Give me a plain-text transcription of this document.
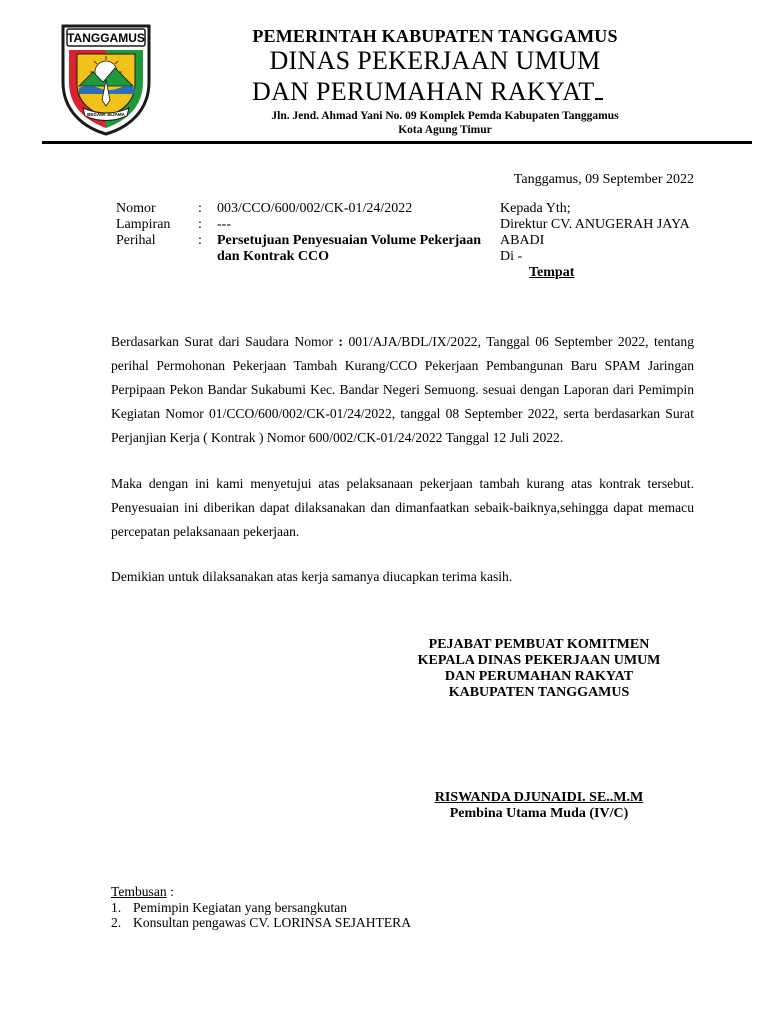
TANGGAMUS
BEGAWI JEJAMA
PEMERINTAH KABUPATEN TANGGAMUS
DINAS PEKERJAAN UMUM
DAN PERUMAHAN RAKYAT
Jln. Jend. Ahmad Yani No. 09 Komplek Pemda Kabupaten Tanggamus
Kota Agung Timur
Tanggamus, 09 September 2022
Nomor	:	003/CCO/600/002/CK-01/24/2022
Lampiran	:	---
Perihal	:	Persetujuan Penyesuaian Volume Pekerjaan dan Kontrak CCO
Kepada Yth;
Direktur CV. ANUGERAH JAYA ABADI
Di -
Tempat
Berdasarkan Surat dari Saudara Nomor : 001/AJA/BDL/IX/2022, Tanggal 06 September 2022, tentang perihal Permohonan Pekerjaan Tambah Kurang/CCO Pekerjaan Pembangunan Baru SPAM Jaringan Perpipaan Pekon Bandar Sukabumi Kec. Bandar Negeri Semuong. sesuai dengan Laporan dari Pemimpin Kegiatan Nomor 01/CCO/600/002/CK-01/24/2022, tanggal 08 September 2022, serta berdasarkan Surat Perjanjian Kerja ( Kontrak ) Nomor 600/002/CK-01/24/2022 Tanggal 12 Juli 2022.
Maka dengan ini kami menyetujui atas pelaksanaan pekerjaan tambah kurang atas kontrak tersebut. Penyesuaian ini diberikan dapat dilaksanakan dan dimanfaatkan sebaik-baiknya,sehingga dapat memacu percepatan pelaksanaan pekerjaan.
Demikian untuk dilaksanakan atas kerja samanya diucapkan terima kasih.
PEJABAT PEMBUAT KOMITMEN
KEPALA DINAS PEKERJAAN UMUM
DAN PERUMAHAN RAKYAT
KABUPATEN TANGGAMUS
RISWANDA DJUNAIDI. SE..M.M
Pembina Utama Muda (IV/C)
Tembusan :
1. Pemimpin Kegiatan yang bersangkutan
2. Konsultan pengawas CV. LORINSA SEJAHTERA
